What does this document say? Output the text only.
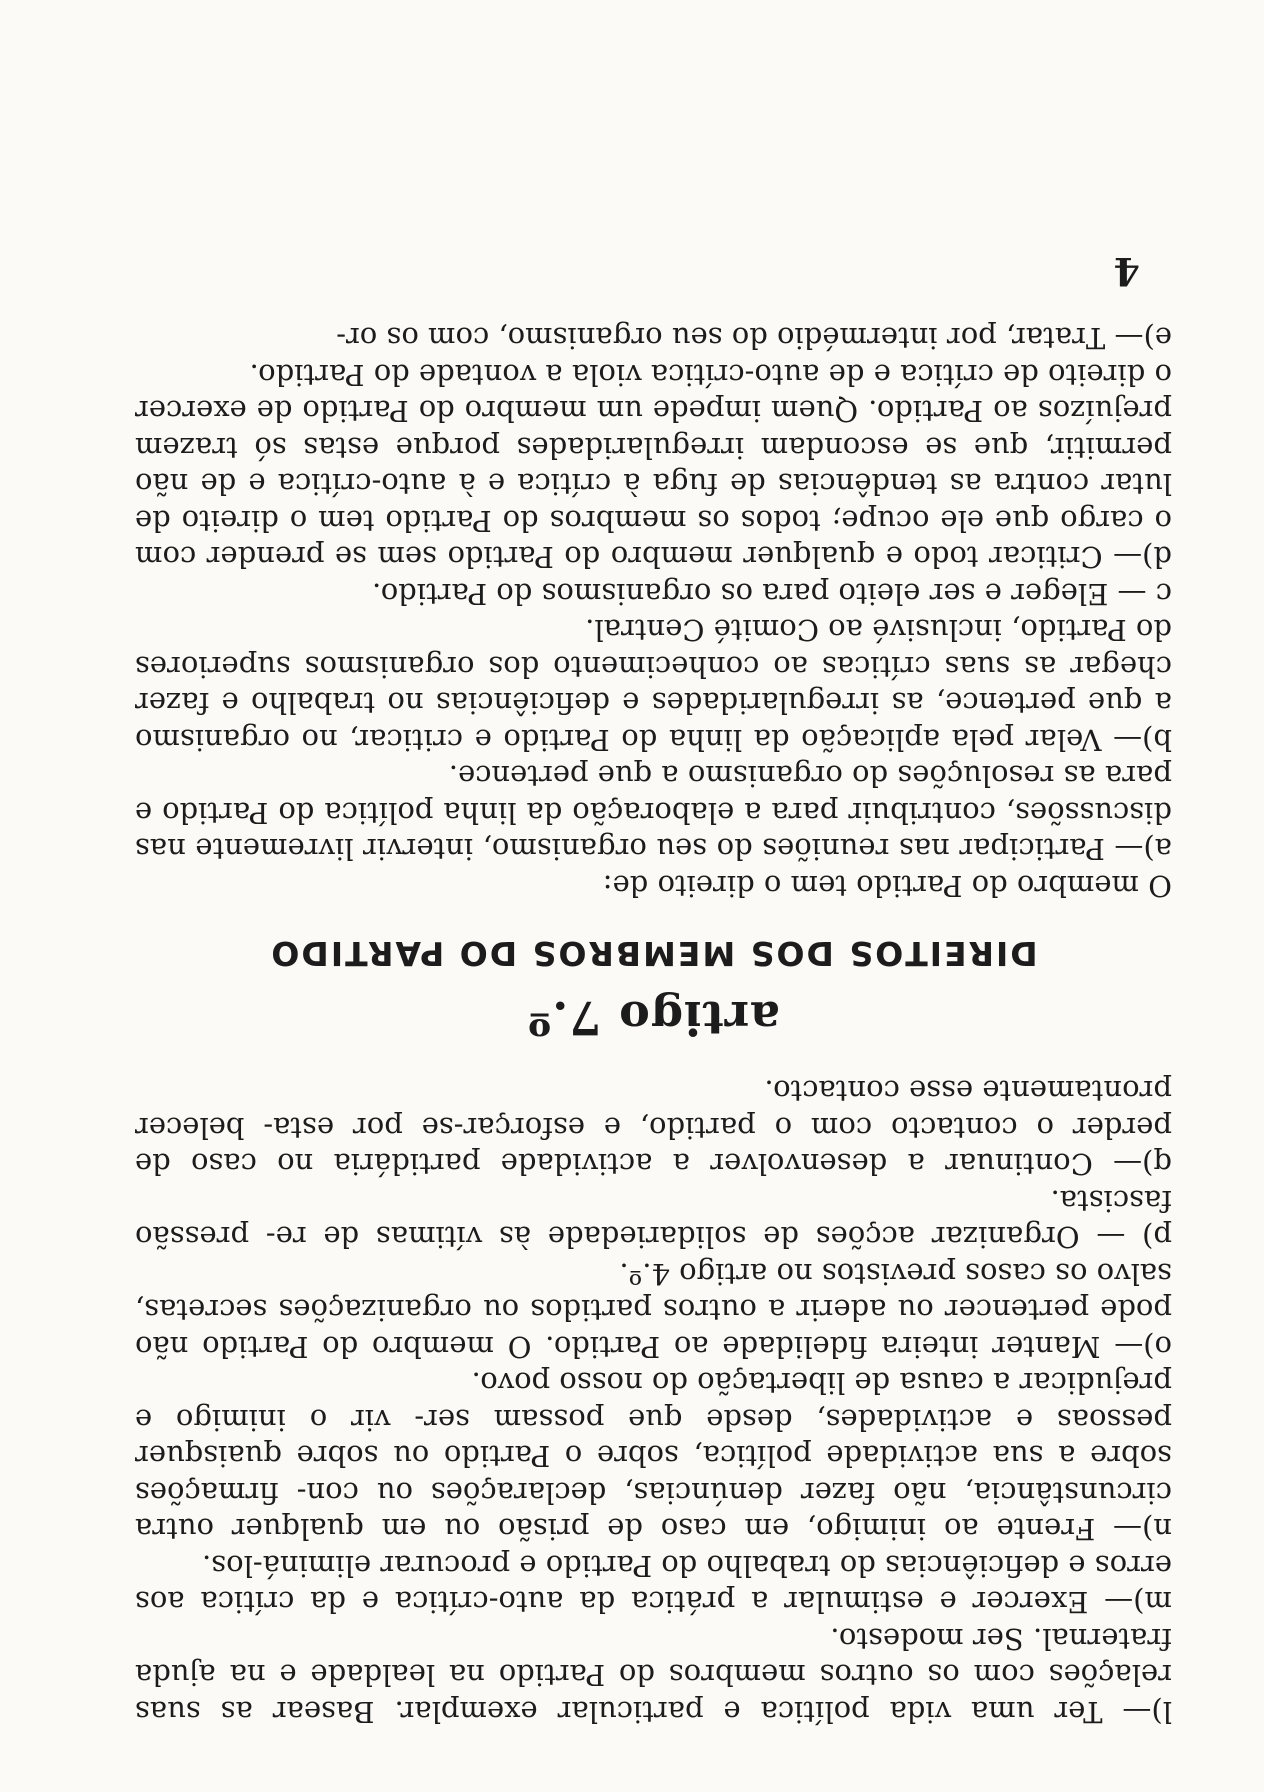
l)— Ter uma vida política e particular exemplar. Basear as suas relações com os outros membros do Partido na lealdade e na ajuda fraternal. Ser modesto.

m)— Exercer e estimular a prática da auto-crítica e da crítica aos erros e deficiências do trabalho do Partido e procurar eliminá-los.

n)— Frente ao inimigo, em caso de prisão ou em qualquer outra circunstância, não fazer denúncias, declarações ou con- firmações sobre a sua actividade política, sobre o Partido ou sobre quaisquer pessoas e actividades, desde que possam ser- vir o inimigo e prejudicar a causa de libertação do nosso povo.

o)— Manter inteira fidelidade ao Partido. O membro do Partido não pode pertencer ou aderir a outros partidos ou organizações secretas, salvo os casos previstos no artigo 4.º.

p) — Organizar acções de solidariedade às vítimas de re- pressão fascista.

q)— Continuar a desenvolver a actividade partidária no caso de perder o contacto com o partido, e esforçar-se por esta- belecer prontamente esse contacto.

artigo 7.º
DIREITOS DOS MEMBROS DO PARTIDO

O membro do Partido tem o direito de:

a)— Participar nas reuniões do seu organismo, intervir livremente nas discussões, contribuir para a elaboração da linha política do Partido e para as resoluções do organismo a que pertence.

b)— Velar pela aplicação da linha do Partido e criticar, no organismo a que pertence, as irregularidades e deficiências no trabalho e fazer chegar as suas críticas ao conhecimento dos organismos superiores do Partido, inclusivé ao Comité Central.

c — Eleger e ser eleito para os organismos do Partido.

d)— Criticar todo e qualquer membro do Partido sem se prender com o cargo que ele ocupe; todos os membros do Partido tem o direito de lutar contra as tendências de fuga à crítica e à auto-crítica e de não permitir, que se escondam irregularidades porque estas só trazem prejuízos ao Partido. Quem impede um membro do Partido de exercer o direito de crítica e de auto-crítica viola a vontade do Partido.

e)— Tratar, por intermédio do seu organismo, com os or-

4
